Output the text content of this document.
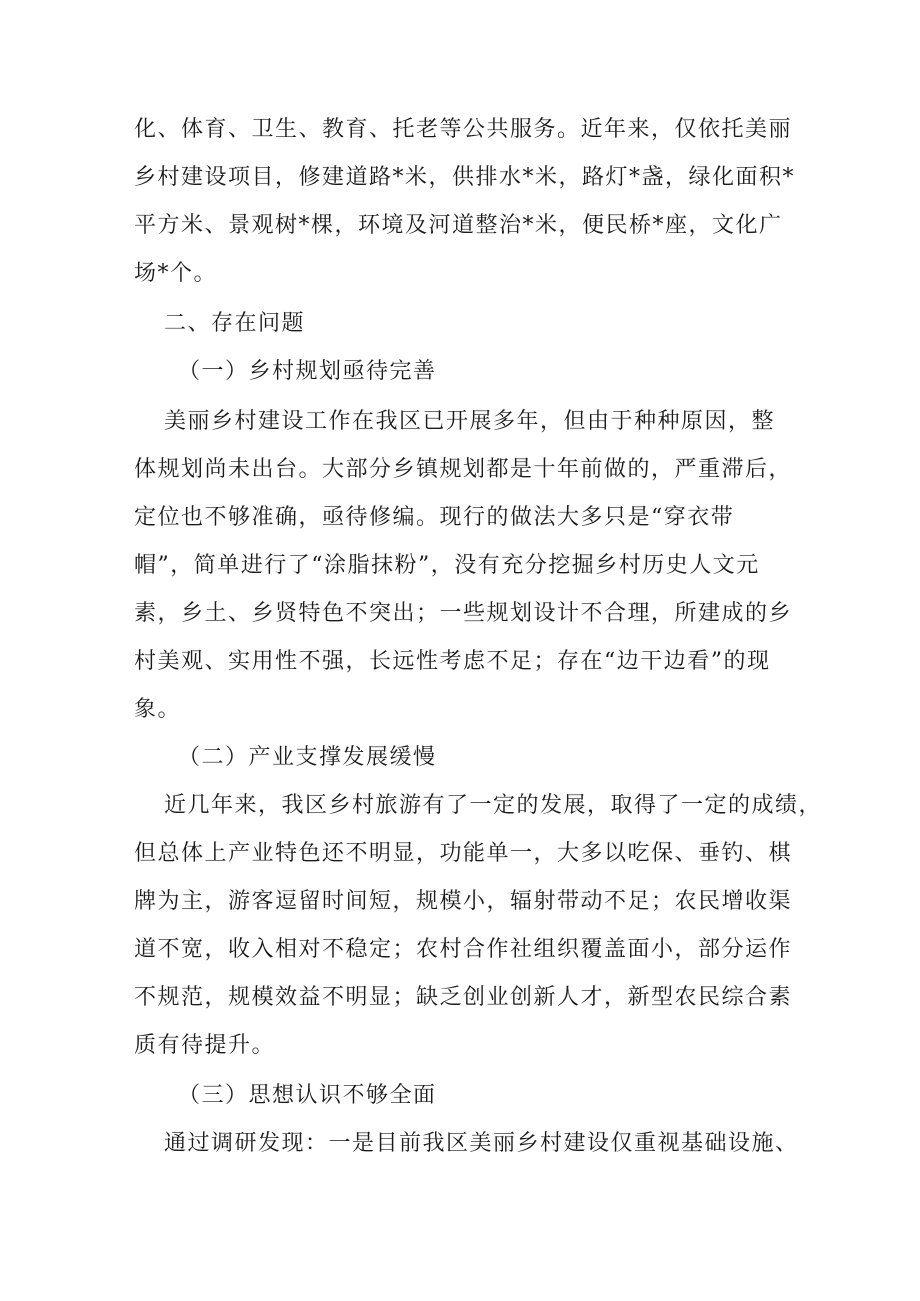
化、体育、卫生、教育、托老等公共服务。近年来，仅依托美丽
乡村建设项目，修建道路*米，供排水*米，路灯*盏，绿化面积*
平方米、景观树*棵，环境及河道整治*米，便民桥*座，文化广
场*个。
二、存在问题
（一）乡村规划亟待完善
美丽乡村建设工作在我区已开展多年，但由于种种原因，整
体规划尚未出台。大部分乡镇规划都是十年前做的，严重滞后，
定位也不够准确，亟待修编。现行的做法大多只是“穿衣带
帽”，简单进行了“涂脂抹粉”，没有充分挖掘乡村历史人文元
素，乡土、乡贤特色不突出；一些规划设计不合理，所建成的乡
村美观、实用性不强，长远性考虑不足；存在“边干边看”的现
象。
（二）产业支撑发展缓慢
近几年来，我区乡村旅游有了一定的发展，取得了一定的成绩，
但总体上产业特色还不明显，功能单一，大多以吃保、垂钓、棋
牌为主，游客逗留时间短，规模小，辐射带动不足；农民增收渠
道不宽，收入相对不稳定；农村合作社组织覆盖面小，部分运作
不规范，规模效益不明显；缺乏创业创新人才，新型农民综合素
质有待提升。
（三）思想认识不够全面
通过调研发现：一是目前我区美丽乡村建设仅重视基础设施、
